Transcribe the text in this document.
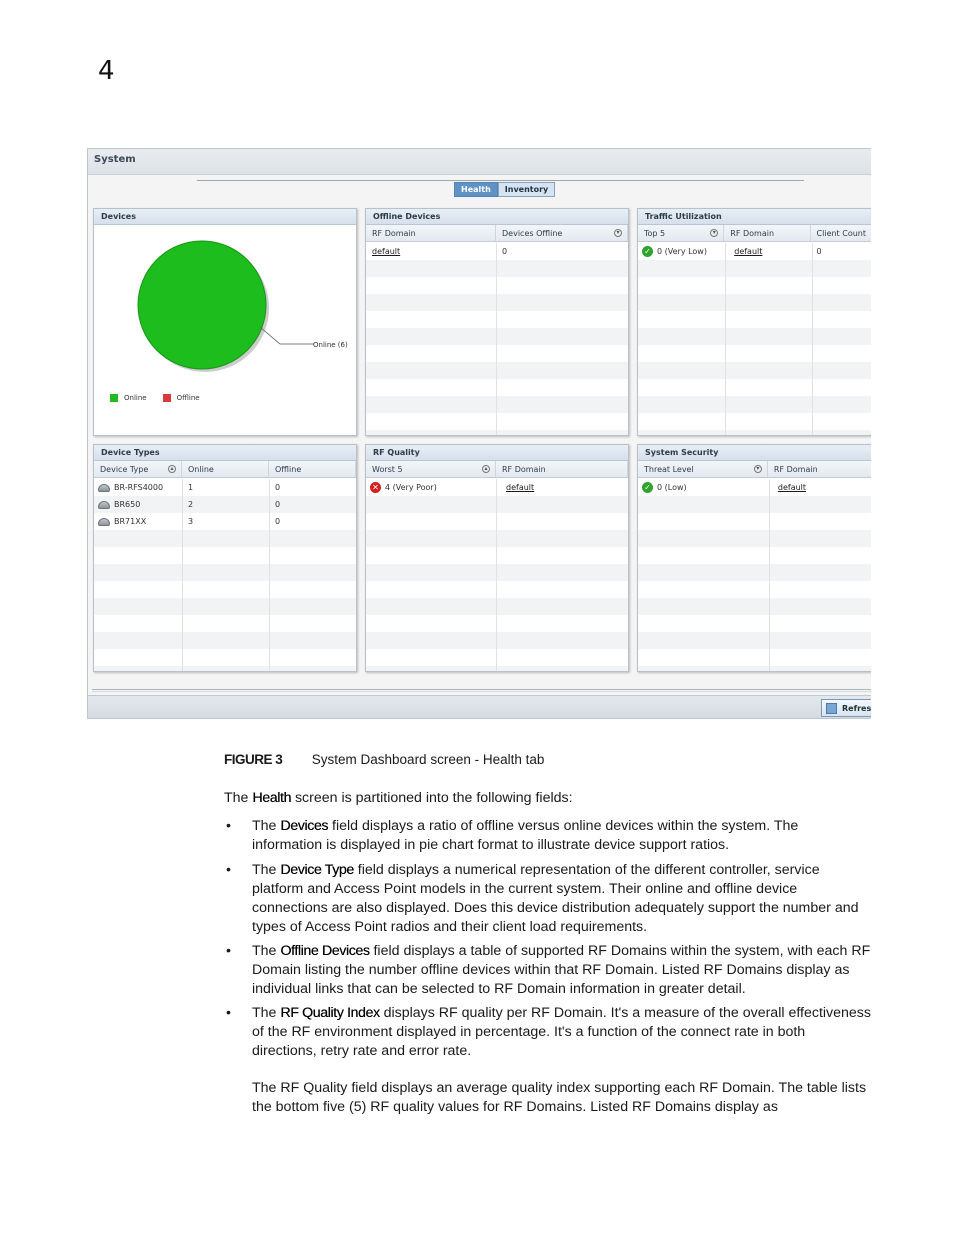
4
System
Health	Inventory
Devices
Online (6)
Online	Offline
Offline Devices
RF Domain	Devices Offline	▾
default	0
Traffic Utilization
Top 5	▾	RF Domain	Client Count
✓ 0 (Very Low)	default	0
Device Types
Device Type	▴	Online	Offline
BR-RFS4000	1	0
BR650	2	0
BR71XX	3	0
RF Quality
Worst 5	▴	RF Domain
✕ 4 (Very Poor)	default
System Security
Threat Level	▾	RF Domain
✓ 0 (Low)	default
Refres
FIGURE 3 System Dashboard screen - Health tab
The Health screen is partitioned into the following fields:
•	The Devices field displays a ratio of offline versus online devices within the system. The information is displayed in pie chart format to illustrate device support ratios.
•	The Device Type field displays a numerical representation of the different controller, service platform and Access Point models in the current system. Their online and offline device connections are also displayed. Does this device distribution adequately support the number and types of Access Point radios and their client load requirements.
•	The Offline Devices field displays a table of supported RF Domains within the system, with each RF Domain listing the number offline devices within that RF Domain. Listed RF Domains display as individual links that can be selected to RF Domain information in greater detail.
•	The RF Quality Index displays RF quality per RF Domain. It's a measure of the overall effectiveness of the RF environment displayed in percentage. It's a function of the connect rate in both directions, retry rate and error rate.
The RF Quality field displays an average quality index supporting each RF Domain. The table lists the bottom five (5) RF quality values for RF Domains. Listed RF Domains display as
